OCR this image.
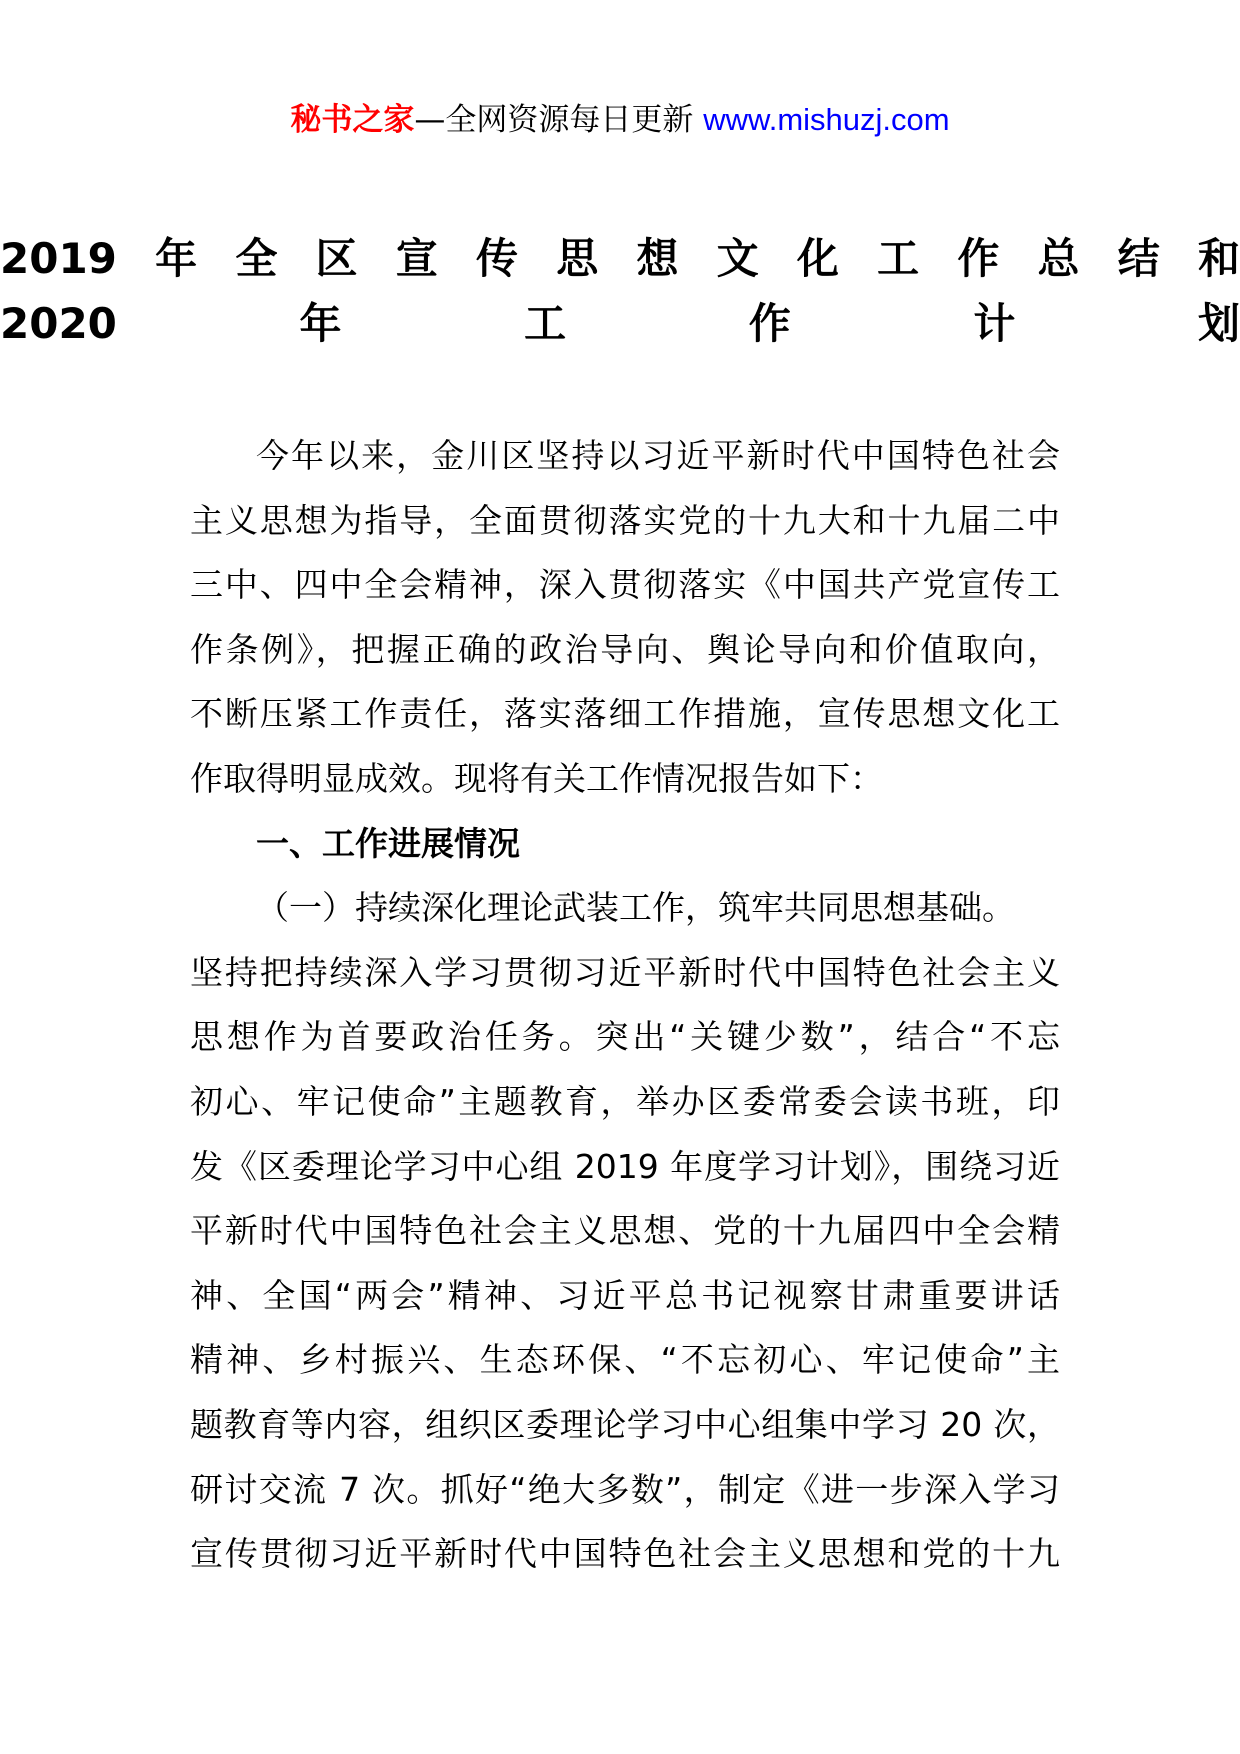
秘书之家—全网资源每日更新 www.mishuzj.com
2019年全区宣传思想文化工作总结和
2020年工作计划
今年以来，金川区坚持以习近平新时代中国特色社会
主义思想为指导，全面贯彻落实党的十九大和十九届二中
三中、四中全会精神，深入贯彻落实《中国共产党宣传工
作条例》，把握正确的政治导向、舆论导向和价值取向，
不断压紧工作责任，落实落细工作措施，宣传思想文化工
作取得明显成效。现将有关工作情况报告如下：
一、工作进展情况
（一）持续深化理论武装工作，筑牢共同思想基础。
坚持把持续深入学习贯彻习近平新时代中国特色社会主义
思想作为首要政治任务。突出“关键少数”，结合“不忘
初心、牢记使命”主题教育，举办区委常委会读书班，印
发《区委理论学习中心组 2019 年度学习计划》，围绕习近
平新时代中国特色社会主义思想、党的十九届四中全会精
神、全国“两会”精神、习近平总书记视察甘肃重要讲话
精神、乡村振兴、生态环保、“不忘初心、牢记使命”主
题教育等内容，组织区委理论学习中心组集中学习 20 次，
研讨交流 7 次。抓好“绝大多数”，制定《进一步深入学习
宣传贯彻习近平新时代中国特色社会主义思想和党的十九
